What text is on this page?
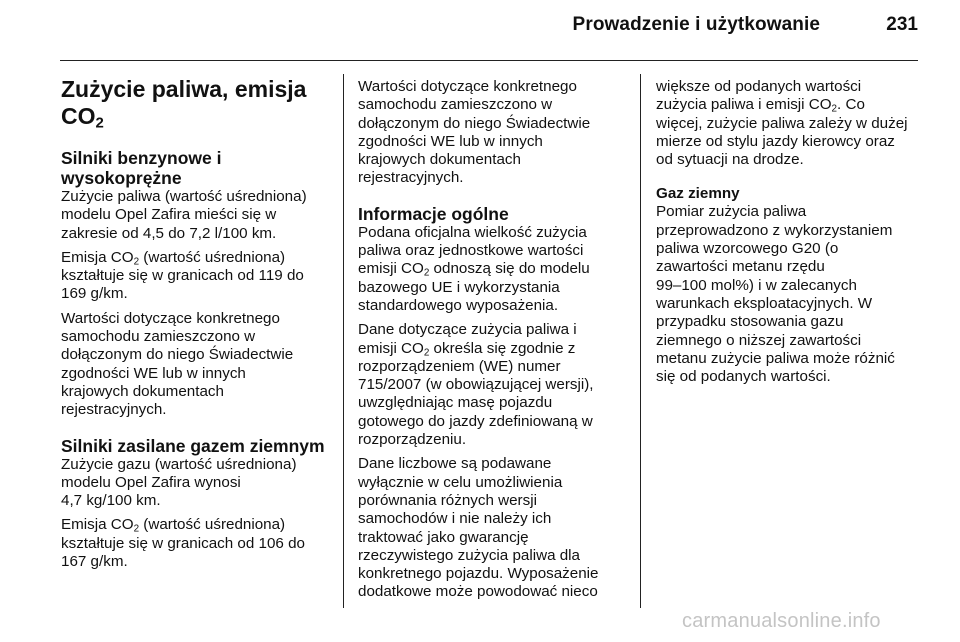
Prowadzenie i użytkowanie	231
Zużycie paliwa, emisja
$CO_2$
Silniki benzynowe i
wysokoprężne

Zużycie paliwa (wartość uśredniona)
modelu Opel Zafira mieści się w
zakresie od 4,5 do 7,2 l/100 km.

Emisja $CO_2$ (wartość uśredniona)
kształtuje się w granicach od 119 do
169 g/km.

Wartości dotyczące konkretnego
samochodu zamieszczono w
dołączonym do niego Świadectwie
zgodności WE lub w innych
krajowych dokumentach
rejestracyjnych.

Silniki zasilane gazem ziemnym

Zużycie gazu (wartość uśredniona)
modelu Opel Zafira wynosi
4,7 kg/100 km.

Emisja $CO_2$ (wartość uśredniona)
kształtuje się w granicach od 106 do
167 g/km.

Wartości dotyczące konkretnego
samochodu zamieszczono w
dołączonym do niego Świadectwie
zgodności WE lub w innych
krajowych dokumentach
rejestracyjnych.

Informacje ogólne

Podana oficjalna wielkość zużycia
paliwa oraz jednostkowe wartości
emisji $CO_2$ odnoszą się do modelu
bazowego UE i wykorzystania
standardowego wyposażenia.

Dane dotyczące zużycia paliwa i
emisji $CO_2$ określa się zgodnie z
rozporządzeniem (WE) numer
715/2007 (w obowiązującej wersji),
uwzględniając masę pojazdu
gotowego do jazdy zdefiniowaną w
rozporządzeniu.

Dane liczbowe są podawane
wyłącznie w celu umożliwienia
porównania różnych wersji
samochodów i nie należy ich
traktować jako gwarancję
rzeczywistego zużycia paliwa dla
konkretnego pojazdu. Wyposażenie
dodatkowe może powodować nieco

większe od podanych wartości
zużycia paliwa i emisji $CO_2$. Co
więcej, zużycie paliwa zależy w dużej
mierze od stylu jazdy kierowcy oraz
od sytuacji na drodze.

Gaz ziemny

Pomiar zużycia paliwa
przeprowadzono z wykorzystaniem
paliwa wzorcowego G20 (o
zawartości metanu rzędu
99–100 mol%) i w zalecanych
warunkach eksploatacyjnych. W
przypadku stosowania gazu
ziemnego o niższej zawartości
metanu zużycie paliwa może różnić
się od podanych wartości.

carmanualsonline.info
